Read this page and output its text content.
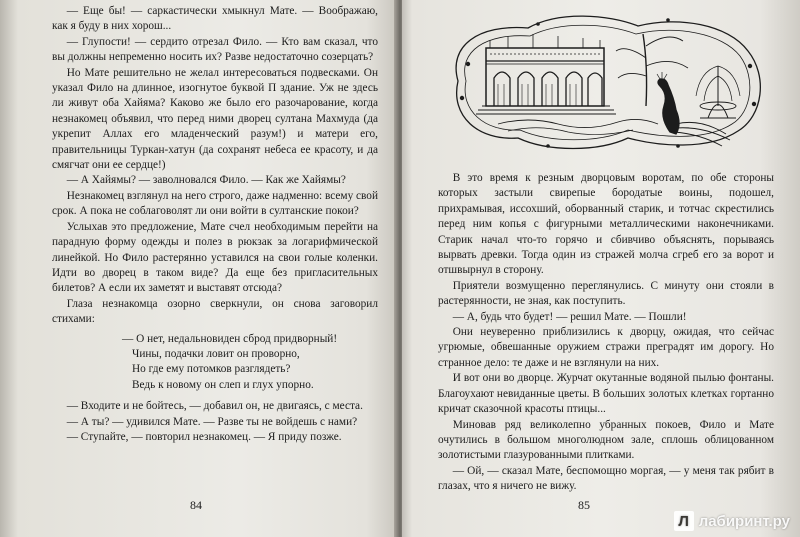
— Еще бы! — саркастически хмыкнул Мате. — Воображаю, как я буду в них хорош...

— Глупости! — сердито отрезал Фило. — Кто вам сказал, что вы должны непременно носить их? Разве недостаточно созерцать?

Но Мате решительно не желал интересоваться подвесками. Он указал Фило на длинное, изогнутое буквой П здание. Уж не здесь ли живут оба Хайяма? Каково же было его разочарование, когда незнакомец объявил, что перед ними дворец султана Махмуда (да укрепит Аллах его младенческий разум!) и матери его, правительницы Туркан-хатун (да сохранят небеса ее красоту, и да смягчат они ее сердце!)

— А Хайямы? — заволновался Фило. — Как же Хайямы?

Незнакомец взглянул на него строго, даже надменно: всему свой срок. А пока не соблаговолят ли они войти в султанские покои?

Услыхав это предложение, Мате счел необходимым перейти на парадную форму одежды и полез в рюкзак за логарифмической линейкой. Но Фило растерянно уставился на свои голые коленки. Идти во дворец в таком виде? Да еще без пригласительных билетов? А если их заметят и выставят отсюда?

Глаза незнакомца озорно сверкнули, он снова заговорил стихами:

— О нет, недальновиден сброд придворный!
Чины, подачки ловит он проворно,
Но где ему потомков разглядеть?
Ведь к новому он слеп и глух упорно.

— Входите и не бойтесь, — добавил он, не двигаясь, с места.

— А ты? — удивился Мате. — Разве ты не войдешь с нами?

— Ступайте, — повторил незнакомец. — Я приду позже.

84

В это время к резным дворцовым воротам, по обе стороны которых застыли свирепые бородатые воины, подошел, прихрамывая, иссохший, оборванный старик, и тотчас скрестились перед ним копья с фигурными металлическими наконечниками. Старик начал что-то горячо и сбивчиво объяснять, порываясь вырвать древки. Тогда один из стражей молча сгреб его за ворот и отшвырнул в сторону.

Приятели возмущенно переглянулись. С минуту они стояли в растерянности, не зная, как поступить.

— А, будь что будет! — решил Мате. — Пошли!

Они неуверенно приблизились к дворцу, ожидая, что сейчас угрюмые, обвешанные оружием стражи преградят им дорогу. Но странное дело: те даже и не взглянули на них.

И вот они во дворце. Журчат окутанные водяной пылью фонтаны. Благоухают невиданные цветы. В больших золотых клетках гортанно кричат сказочной красоты птицы...

Миновав ряд великолепно убранных покоев, Фило и Мате очутились в большом многолюдном зале, сплошь облицованном золотистыми глазурованными плитками.

— Ой, — сказал Мате, беспомощно моргая, — у меня так рябит в глазах, что я ничего не вижу.

85
Л лабиринт.ру
